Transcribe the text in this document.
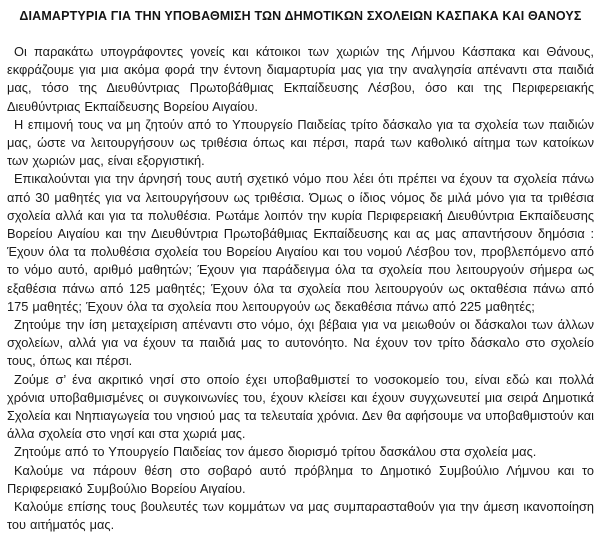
ΔΙΑΜΑΡΤΥΡΙΑ ΓΙΑ ΤΗΝ ΥΠΟΒΑΘΜΙΣΗ ΤΩΝ ΔΗΜΟΤΙΚΩΝ ΣΧΟΛΕΙΩΝ ΚΑΣΠΑΚΑ ΚΑΙ ΘΑΝΟΥΣ

Οι παρακάτω υπογράφοντες γονείς και κάτοικοι των χωριών της Λήμνου Κάσπακα και Θάνους, εκφράζουμε για μια ακόμα φορά την έντονη διαμαρτυρία μας για την αναλγησία απέναντι στα παιδιά μας, τόσο της Διευθύντριας Πρωτοβάθμιας Εκπαίδευσης Λέσβου, όσο και της Περιφερειακής Διευθύντριας Εκπαίδευσης Βορείου Αιγαίου.

Η επιμονή τους να μη ζητούν από το Υπουργείο Παιδείας τρίτο δάσκαλο για τα σχολεία των παιδιών μας, ώστε να λειτουργήσουν ως τριθέσια όπως και πέρσι, παρά των καθολικό αίτημα των κατοίκων των χωριών μας, είναι εξοργιστική.

Επικαλούνται για την άρνησή τους αυτή σχετικό νόμο που λέει ότι πρέπει να έχουν τα σχολεία πάνω από 30 μαθητές για να λειτουργήσουν ως τριθέσια. Όμως ο ίδιος νόμος δε μιλά μόνο για τα τριθέσια σχολεία αλλά και για τα πολυθέσια. Ρωτάμε λοιπόν την κυρία Περιφερειακή Διευθύντρια Εκπαίδευσης Βορείου Αιγαίου και την Διευθύντρια Πρωτοβάθμιας Εκπαίδευσης και ας μας απαντήσουν δημόσια : Έχουν όλα τα πολυθέσια σχολεία του Βορείου Αιγαίου και του νομού Λέσβου τον, προβλεπόμενο από το νόμο αυτό, αριθμό μαθητών; Έχουν για παράδειγμα όλα τα σχολεία που λειτουργούν σήμερα ως εξαθέσια πάνω από 125 μαθητές; Έχουν όλα τα σχολεία που λειτουργούν ως οκταθέσια πάνω από 175 μαθητές; Έχουν όλα τα σχολεία που λειτουργούν ως δεκαθέσια πάνω από 225 μαθητές;

Ζητούμε την ίση μεταχείριση απέναντι στο νόμο, όχι βέβαια για να μειωθούν οι δάσκαλοι των άλλων σχολείων, αλλά για να έχουν τα παιδιά μας το αυτονόητο. Να έχουν τον τρίτο δάσκαλο στο σχολείο τους, όπως και πέρσι.

Ζούμε σ’ ένα ακριτικό νησί στο οποίο έχει υποβαθμιστεί το νοσοκομείο του, είναι εδώ και πολλά χρόνια υποβαθμισμένες οι συγκοινωνίες του, έχουν κλείσει και έχουν συγχωνευτεί μια σειρά Δημοτικά Σχολεία και Νηπιαγωγεία του νησιού μας τα τελευταία χρόνια. Δεν θα αφήσουμε να υποβαθμιστούν και άλλα σχολεία στο νησί και στα χωριά μας.

Ζητούμε από το Υπουργείο Παιδείας τον άμεσο διορισμό τρίτου δασκάλου στα σχολεία μας.

Καλούμε να πάρουν θέση στο σοβαρό αυτό πρόβλημα το Δημοτικό Συμβούλιο Λήμνου και το Περιφερειακό Συμβούλιο Βορείου Αιγαίου.

Καλούμε επίσης τους βουλευτές των κομμάτων να μας συμπαρασταθούν για την άμεση ικανοποίηση του αιτήματός μας.
